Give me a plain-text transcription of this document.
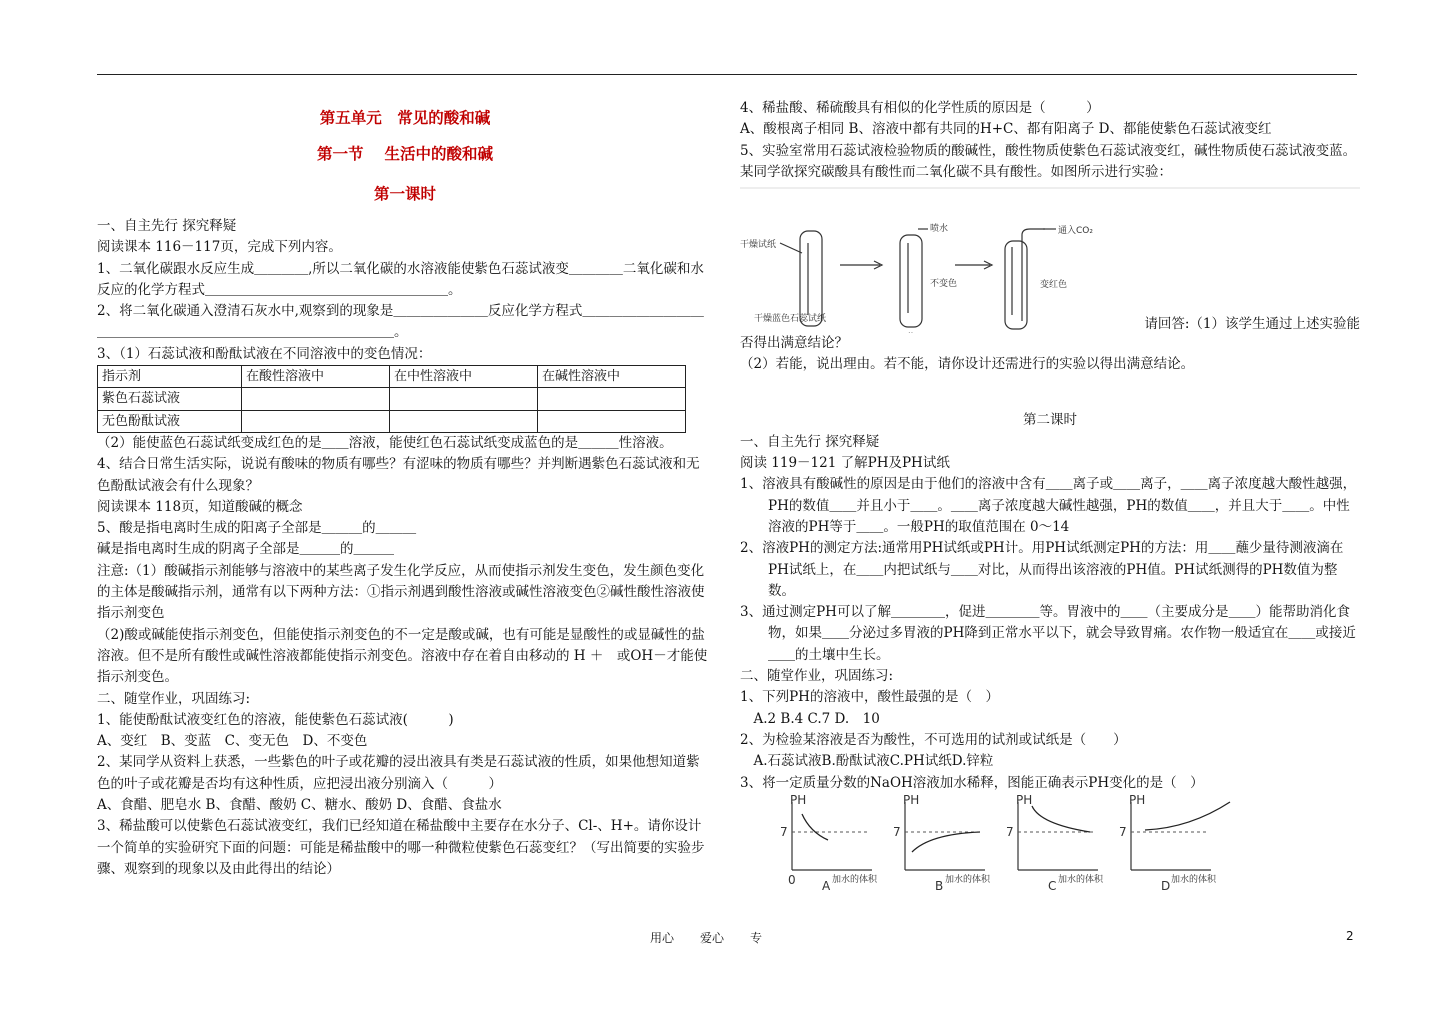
第五单元　常见的酸和碱
第一节　 生活中的酸和碱
第一课时
一、自主先行 探究释疑
阅读课本 116－117页，完成下列内容。
1、二氧化碳跟水反应生成＿＿＿＿,所以二氧化碳的水溶液能使紫色石蕊试液变＿＿＿＿二氧化碳和水反应的化学方程式＿＿＿＿＿＿＿＿＿＿＿＿＿＿＿＿＿＿。
2、将二氧化碳通入澄清石灰水中,观察到的现象是＿＿＿＿＿＿＿反应化学方程式＿＿＿＿＿＿＿＿＿＿＿＿＿＿＿＿＿＿＿＿＿＿＿＿＿＿＿＿＿＿＿。
3、（1）石蕊试液和酚酞试液在不同溶液中的变色情况：
指示剂	在酸性溶液中	在中性溶液中	在碱性溶液中
紫色石蕊试液			
无色酚酞试液			
（2）能使蓝色石蕊试纸变成红色的是＿＿溶液，能使红色石蕊试纸变成蓝色的是＿＿＿性溶液。
4、结合日常生活实际，说说有酸味的物质有哪些？有涩味的物质有哪些？并判断遇紫色石蕊试液和无色酚酞试液会有什么现象？
阅读课本 118页，知道酸碱的概念
5、酸是指电离时生成的阳离子全部是＿＿＿的＿＿＿
碱是指电离时生成的阴离子全部是＿＿＿的＿＿＿
注意:（1）酸碱指示剂能够与溶液中的某些离子发生化学反应，从而使指示剂发生变色，发生颜色变化的主体是酸碱指示剂，通常有以下两种方法：①指示剂遇到酸性溶液或碱性溶液变色②碱性酸性溶液使指示剂变色
（2)酸或碱能使指示剂变色，但能使指示剂变色的不一定是酸或碱，也有可能是显酸性的或显碱性的盐溶液。但不是所有酸性或碱性溶液都能使指示剂变色。溶液中存在着自由移动的 H ＋　或OH－才能使指示剂变色。
二、随堂作业，巩固练习:
1、能使酚酞试液变红色的溶液，能使紫色石蕊试液(　　　)
A、变红　B、变蓝　C、变无色　D、不变色
2、某同学从资料上获悉，一些紫色的叶子或花瓣的浸出液具有类是石蕊试液的性质，如果他想知道紫色的叶子或花瓣是否均有这种性质，应把浸出液分别滴入（　　　）
A、食醋、肥皂水 B、食醋、酸奶 C、糖水、酸奶 D、食醋、食盐水
3、稀盐酸可以使紫色石蕊试液变红，我们已经知道在稀盐酸中主要存在水分子、Cl-、H+。请你设计一个简单的实验研究下面的问题：可能是稀盐酸中的哪一种微粒使紫色石蕊变红？（写出简要的实验步骤、观察到的现象以及由此得出的结论）
4、稀盐酸、稀硫酸具有相似的化学性质的原因是（　　　）
A、酸根离子相同 B、溶液中都有共同的H+C、都有阳离子 D、都能使紫色石蕊试液变红
5、实验室常用石蕊试液检验物质的酸碱性，酸性物质使紫色石蕊试液变红，碱性物质使石蕊试液变蓝。某同学欲探究碳酸具有酸性而二氧化碳不具有酸性。如图所示进行实验：
干燥试纸
干燥蓝色石蕊试纸
喷水
不变色
通入CO₂
变红色
请回答:（1）该学生通过上述实验能
否得出满意结论？
（2）若能，说出理由。若不能，请你设计还需进行的实验以得出满意结论。
第二课时
一、自主先行 探究释疑
阅读 119－121 了解PH及PH试纸
1、溶液具有酸碱性的原因是由于他们的溶液中含有＿＿离子或＿＿离子，＿＿离子浓度越大酸性越强，PH的数值＿＿并且小于＿＿。＿＿离子浓度越大碱性越强，PH的数值＿＿，并且大于＿＿。中性溶液的PH等于＿＿。一般PH的取值范围在 0～14
2、溶液PH的测定方法:通常用PH试纸或PH计。用PH试纸测定PH的方法：用＿＿蘸少量待测液滴在PH试纸上，在＿＿内把试纸与＿＿对比，从而得出该溶液的PH值。PH试纸测得的PH数值为整数。
3、通过测定PH可以了解＿＿＿＿，促进＿＿＿＿等。胃液中的＿＿（主要成分是＿＿）能帮助消化食物，如果＿＿分泌过多胃液的PH降到正常水平以下，就会导致胃痛。农作物一般适宜在＿＿或接近＿＿的土壤中生长。
二、随堂作业，巩固练习:
1、下列PH的溶液中，酸性最强的是（　）
　A.2 B.4 C.7 D.　10
2、为检验某溶液是否为酸性，不可选用的试剂或试纸是（　　）
　A.石蕊试液B.酚酞试液C.PH试纸D.锌粒
3、将一定质量分数的NaOH溶液加水稀释，图能正确表示PH变化的是（　）
PH
7
加水的体积
A
PH
7
加水的体积
B
PH
7
加水的体积
C
PH
7
加水的体积
D
0
用心 爱心 专	2
